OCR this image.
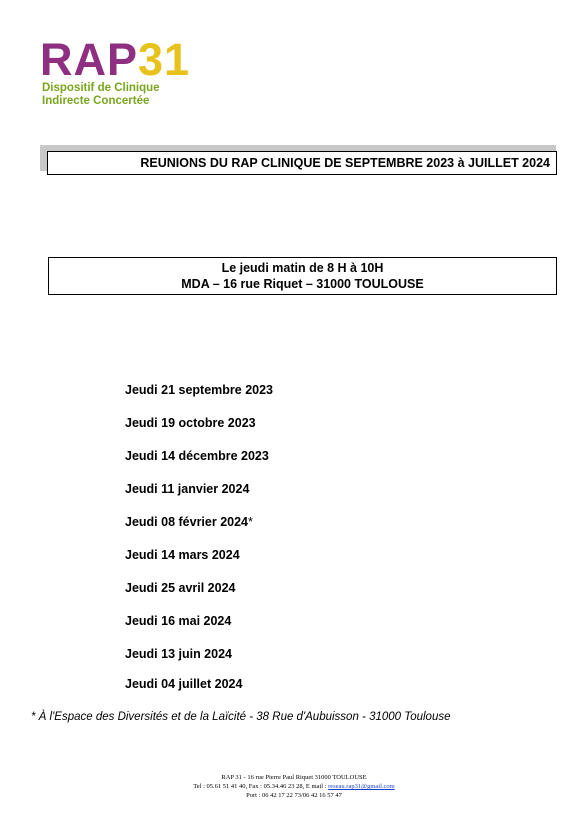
RAP31
Dispositif de Clinique
Indirecte Concertée
REUNIONS DU RAP CLINIQUE DE SEPTEMBRE 2023 à JUILLET 2024
Le jeudi matin de 8 H à 10H
MDA – 16 rue Riquet – 31000 TOULOUSE
Jeudi 21 septembre 2023
Jeudi 19 octobre 2023
Jeudi 14 décembre 2023
Jeudi 11 janvier 2024
Jeudi 08 février 2024*
Jeudi 14 mars 2024
Jeudi 25 avril 2024
Jeudi 16 mai 2024
Jeudi 13 juin 2024
Jeudi 04 juillet 2024
* À l'Espace des Diversités et de la Laïcité - 38 Rue d'Aubuisson - 31000 Toulouse
RAP 31 - 16 rue Pierre Paul Riquet 31000 TOULOUSE
Tel : 05.61 51 41 40, Fax : 05.34.46 23 28, E mail : reseau.rap31@gmail.com
Port : 06 42 17 22 73/06 42 16 57 47
